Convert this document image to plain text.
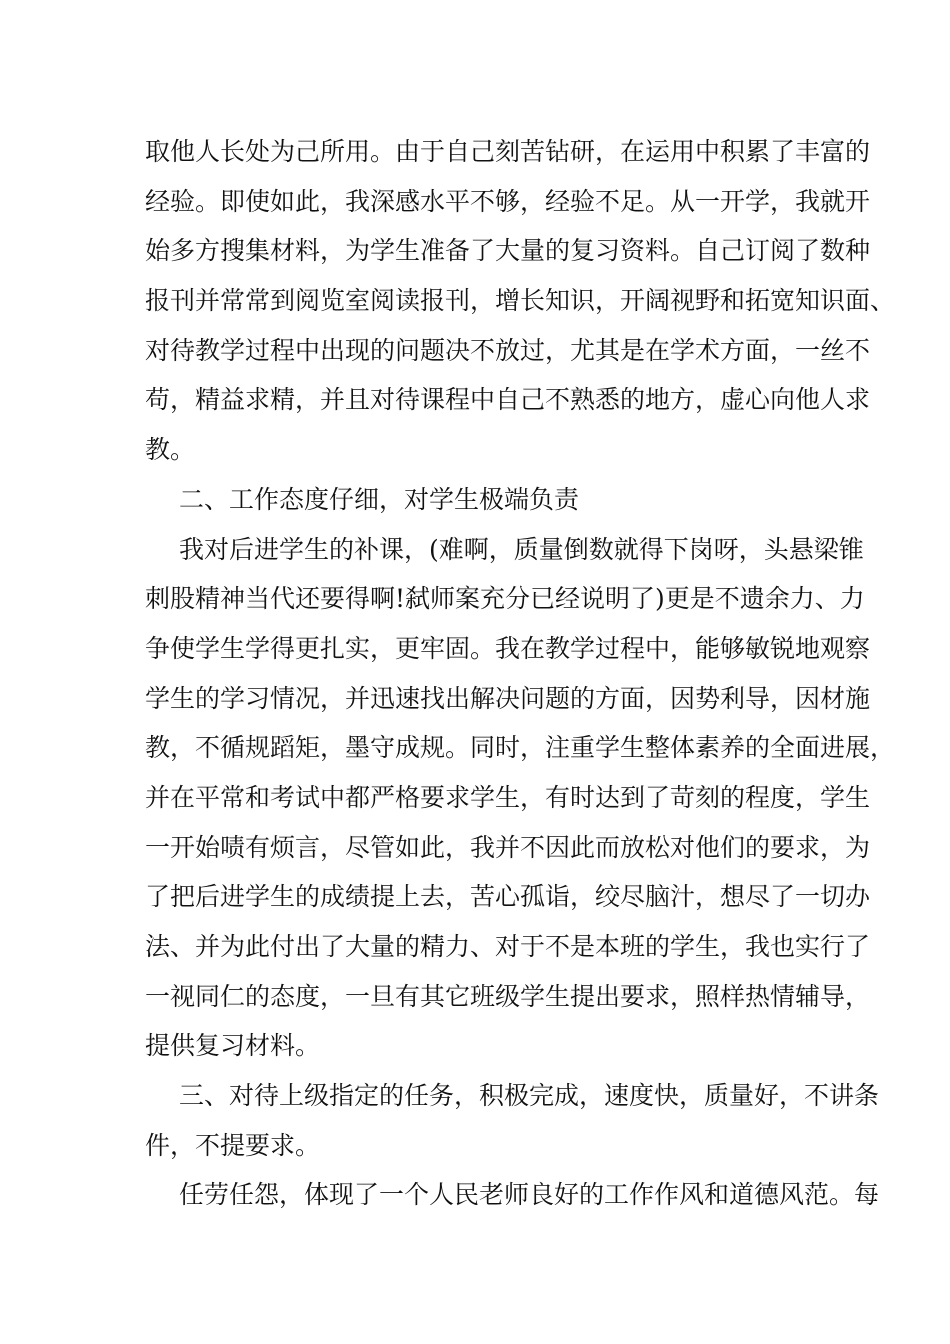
取他人长处为己所用。由于自己刻苦钻研，在运用中积累了丰富的
经验。即使如此，我深感水平不够，经验不足。从一开学，我就开
始多方搜集材料，为学生准备了大量的复习资料。自己订阅了数种
报刊并常常到阅览室阅读报刊，增长知识，开阔视野和拓宽知识面、
对待教学过程中出现的问题决不放过，尤其是在学术方面，一丝不
苟，精益求精，并且对待课程中自己不熟悉的地方，虚心向他人求
教。
二、工作态度仔细，对学生极端负责
我对后进学生的补课，(难啊，质量倒数就得下岗呀，头悬梁锥
刺股精神当代还要得啊!弑师案充分已经说明了)更是不遗余力、力
争使学生学得更扎实，更牢固。我在教学过程中，能够敏锐地观察
学生的学习情况，并迅速找出解决问题的方面，因势利导，因材施
教，不循规蹈矩，墨守成规。同时，注重学生整体素养的全面进展，
并在平常和考试中都严格要求学生，有时达到了苛刻的程度，学生
一开始啧有烦言，尽管如此，我并不因此而放松对他们的要求，为
了把后进学生的成绩提上去，苦心孤诣，绞尽脑汁，想尽了一切办
法、并为此付出了大量的精力、对于不是本班的学生，我也实行了
一视同仁的态度，一旦有其它班级学生提出要求，照样热情辅导，
提供复习材料。
三、对待上级指定的任务，积极完成，速度快，质量好，不讲条
件，不提要求。
任劳任怨，体现了一个人民老师良好的工作作风和道德风范。每
